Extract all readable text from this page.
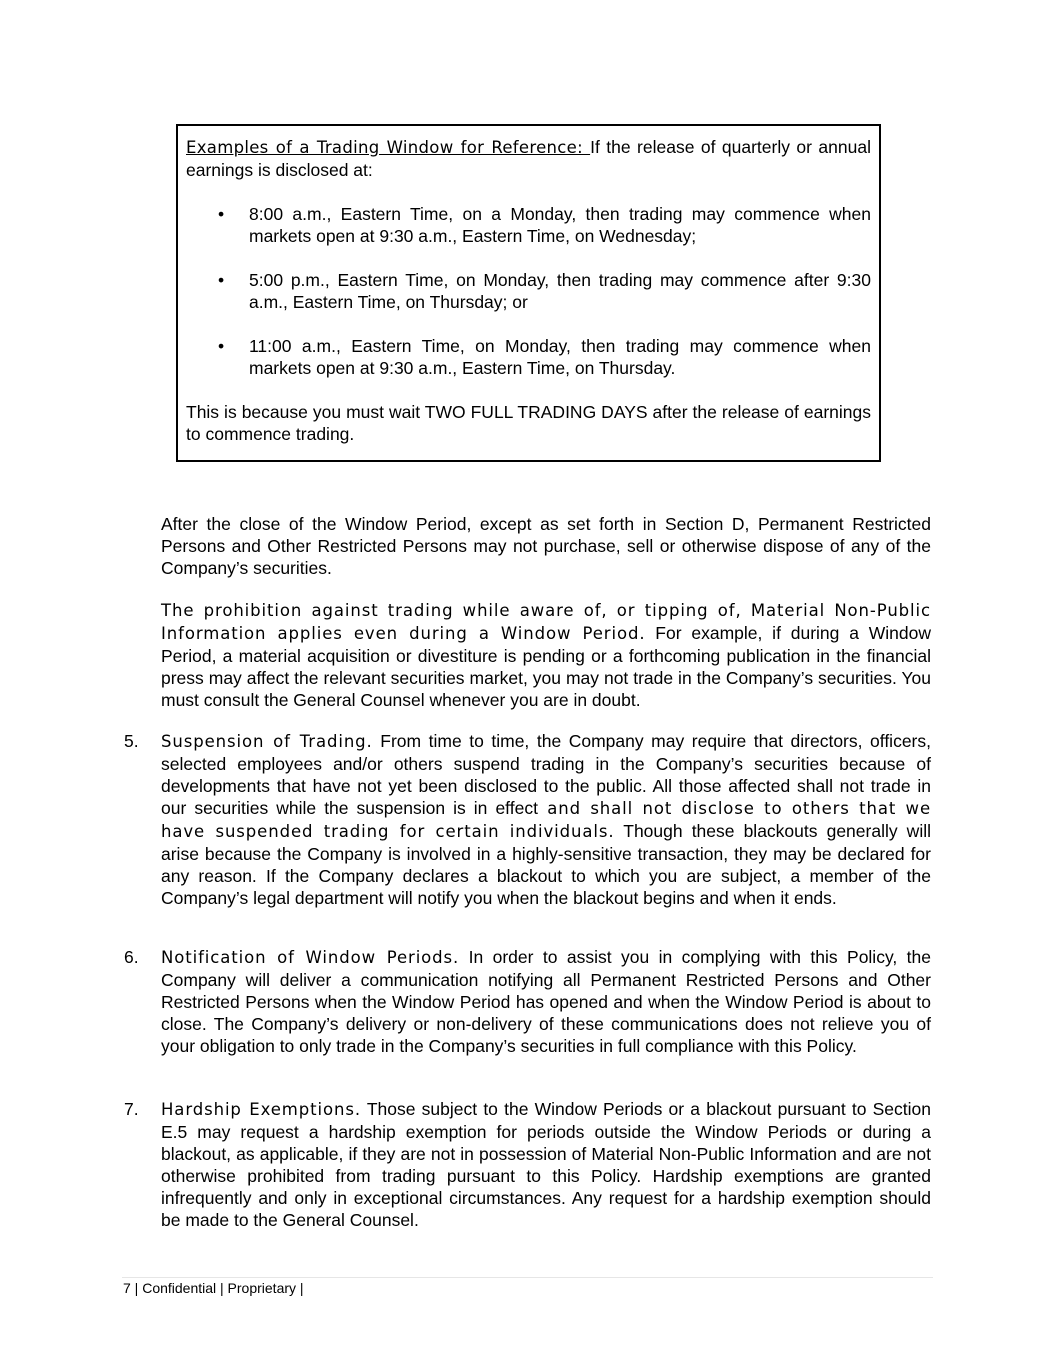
Examples of a Trading Window for Reference: If the release of quarterly or annual earnings is disclosed at:

• 8:00 a.m., Eastern Time, on a Monday, then trading may commence when markets open at 9:30 a.m., Eastern Time, on Wednesday;
• 5:00 p.m., Eastern Time, on Monday, then trading may commence after 9:30 a.m., Eastern Time, on Thursday; or
• 11:00 a.m., Eastern Time, on Monday, then trading may commence when markets open at 9:30 a.m., Eastern Time, on Thursday.

This is because you must wait TWO FULL TRADING DAYS after the release of earnings to commence trading.

After the close of the Window Period, except as set forth in Section D, Permanent Restricted Persons and Other Restricted Persons may not purchase, sell or otherwise dispose of any of the Company’s securities.

The prohibition against trading while aware of, or tipping of, Material Non-Public Information applies even during a Window Period. For example, if during a Window Period, a material acquisition or divestiture is pending or a forthcoming publication in the financial press may affect the relevant securities market, you may not trade in the Company’s securities. You must consult the General Counsel whenever you are in doubt.

5. Suspension of Trading. From time to time, the Company may require that directors, officers, selected employees and/or others suspend trading in the Company’s securities because of developments that have not yet been disclosed to the public. All those affected shall not trade in our securities while the suspension is in effect and shall not disclose to others that we have suspended trading for certain individuals. Though these blackouts generally will arise because the Company is involved in a highly-sensitive transaction, they may be declared for any reason. If the Company declares a blackout to which you are subject, a member of the Company’s legal department will notify you when the blackout begins and when it ends.

6. Notification of Window Periods. In order to assist you in complying with this Policy, the Company will deliver a communication notifying all Permanent Restricted Persons and Other Restricted Persons when the Window Period has opened and when the Window Period is about to close. The Company’s delivery or non-delivery of these communications does not relieve you of your obligation to only trade in the Company’s securities in full compliance with this Policy.

7. Hardship Exemptions. Those subject to the Window Periods or a blackout pursuant to Section E.5 may request a hardship exemption for periods outside the Window Periods or during a blackout, as applicable, if they are not in possession of Material Non-Public Information and are not otherwise prohibited from trading pursuant to this Policy. Hardship exemptions are granted infrequently and only in exceptional circumstances. Any request for a hardship exemption should be made to the General Counsel.

7 | Confidential | Proprietary |
